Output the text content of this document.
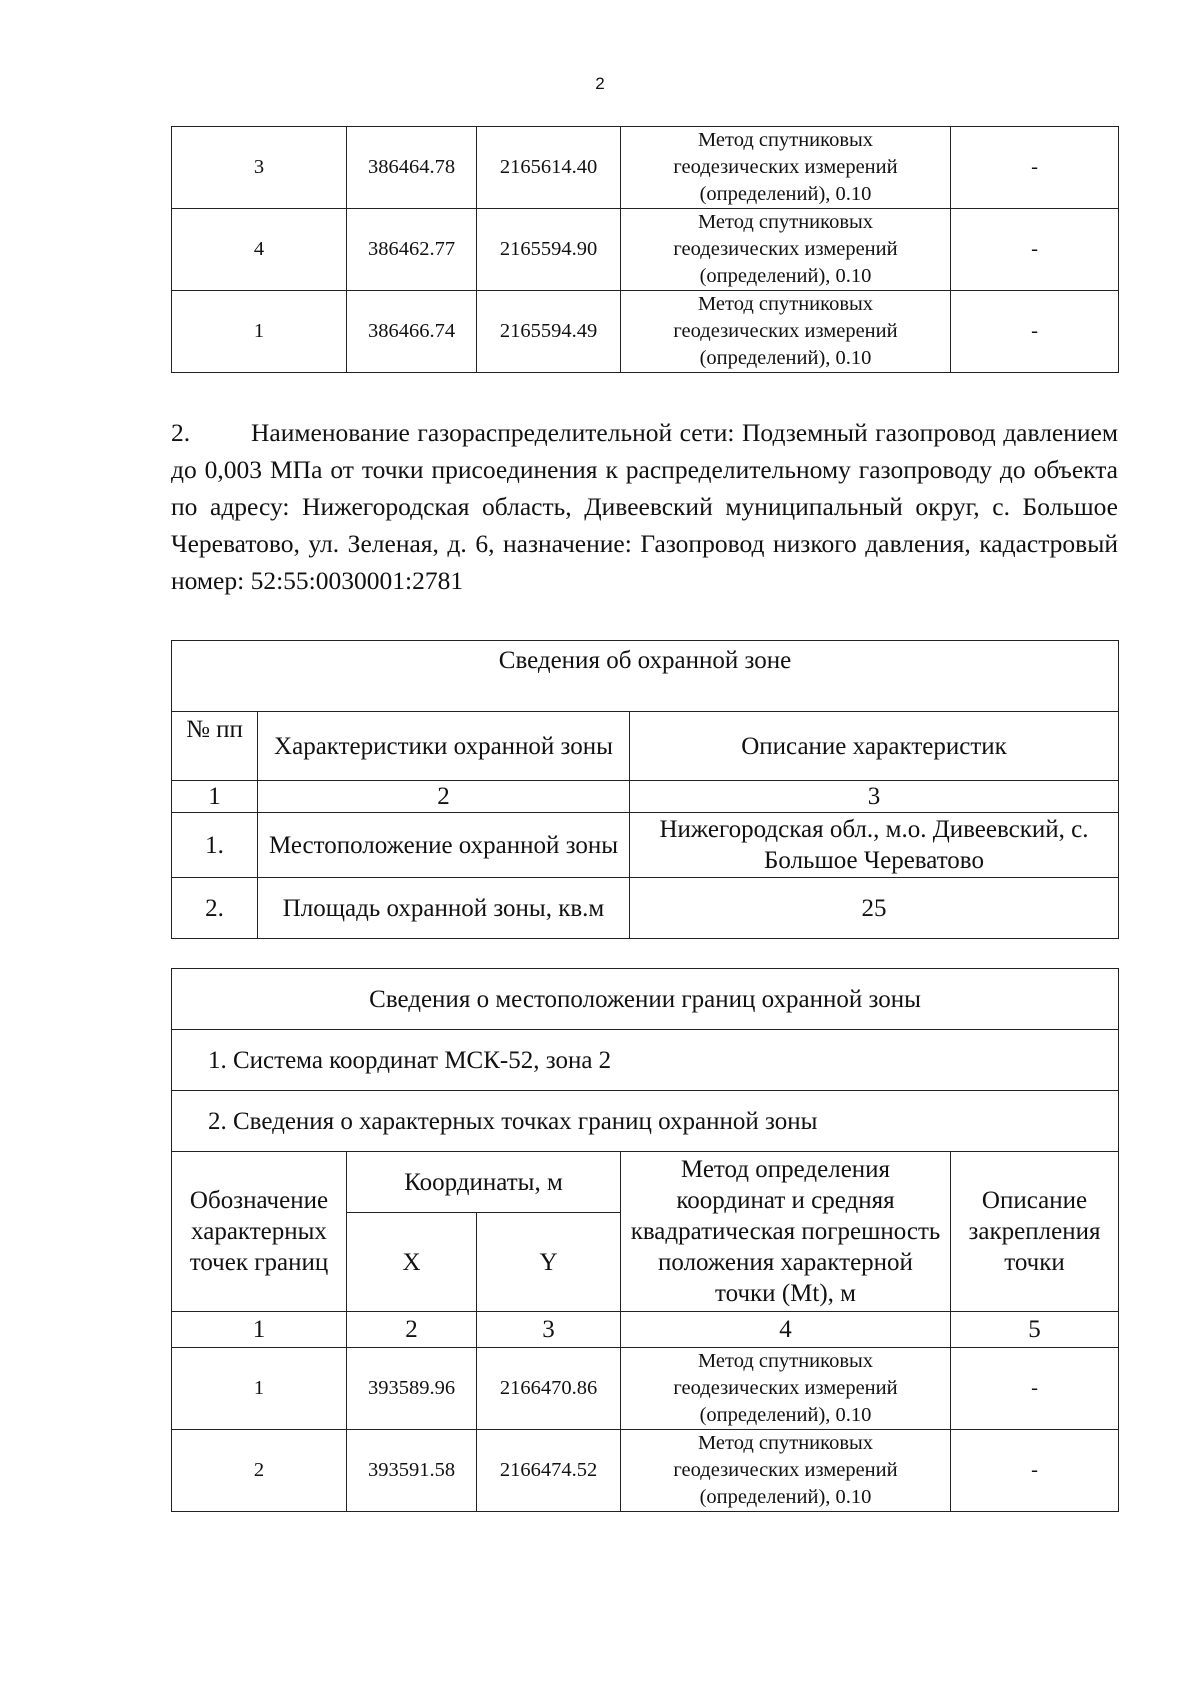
2
3	386464.78	2165614.40	Метод спутниковых
геодезических измерений
(определений), 0.10	-
4	386462.77	2165594.90	Метод спутниковых
геодезических измерений
(определений), 0.10	-
1	386466.74	2165594.49	Метод спутниковых
геодезических измерений
(определений), 0.10	-
2. Наименование газораспределительной сети: Подземный газопровод давлением до 0,003 МПа от точки присоединения к распределительному газопроводу до объекта по адресу: Нижегородская область, Дивеевский муниципальный округ, с. Большое Череватово, ул. Зеленая, д. 6, назначение: Газопровод низкого давления, кадастровый номер: 52:55:0030001:2781
Сведения об охранной зоне		
№ пп	Характеристики охранной зоны	Описание характеристик
1	2	3
1.	Местоположение охранной зоны	Нижегородская обл., м.о. Дивеевский, с. Большое Череватово
2.	Площадь охранной зоны, кв.м	25
Сведения о местоположении границ охранной зоны				
1. Система координат МСК-52, зона 2				
2. Сведения о характерных точках границ охранной зоны				
Обозначение характерных точек границ	Координаты, м		Метод определения координат и средняя квадратическая погрешность положения характерной точки (Mt), м	Описание закрепления точки
	X	Y		
1	2	3	4	5
1	393589.96	2166470.86	Метод спутниковых
геодезических измерений
(определений), 0.10	-
2	393591.58	2166474.52	Метод спутниковых
геодезических измерений
(определений), 0.10	-
